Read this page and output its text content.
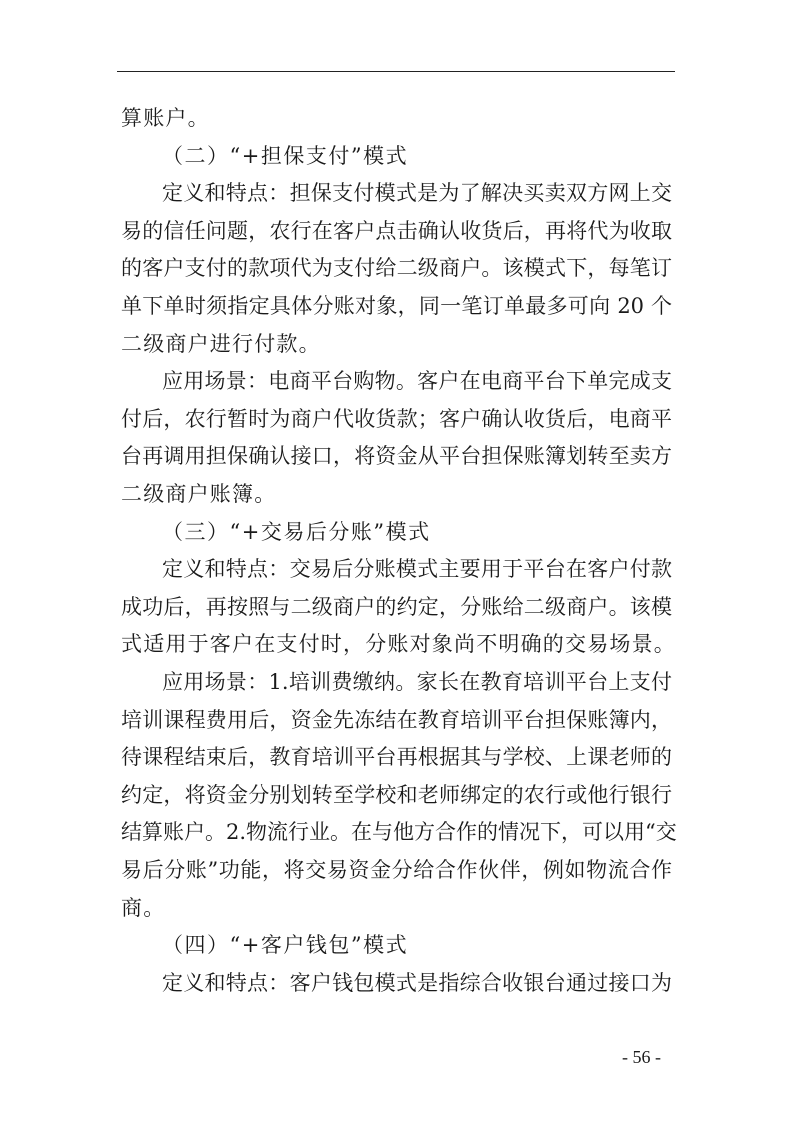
算账户。
（二）“+担保支付”模式
定义和特点：担保支付模式是为了解决买卖双方网上交
易的信任问题，农行在客户点击确认收货后，再将代为收取
的客户支付的款项代为支付给二级商户。该模式下，每笔订
单下单时须指定具体分账对象，同一笔订单最多可向 20 个
二级商户进行付款。
应用场景：电商平台购物。客户在电商平台下单完成支
付后，农行暂时为商户代收货款；客户确认收货后，电商平
台再调用担保确认接口，将资金从平台担保账簿划转至卖方
二级商户账簿。
（三）“+交易后分账”模式
定义和特点：交易后分账模式主要用于平台在客户付款
成功后，再按照与二级商户的约定，分账给二级商户。该模
式适用于客户在支付时，分账对象尚不明确的交易场景。
应用场景：1.培训费缴纳。家长在教育培训平台上支付
培训课程费用后，资金先冻结在教育培训平台担保账簿内，
待课程结束后，教育培训平台再根据其与学校、上课老师的
约定，将资金分别划转至学校和老师绑定的农行或他行银行
结算账户。2.物流行业。在与他方合作的情况下，可以用“交
易后分账”功能，将交易资金分给合作伙伴，例如物流合作
商。
（四）“+客户钱包”模式
定义和特点：客户钱包模式是指综合收银台通过接口为
- 56 -
